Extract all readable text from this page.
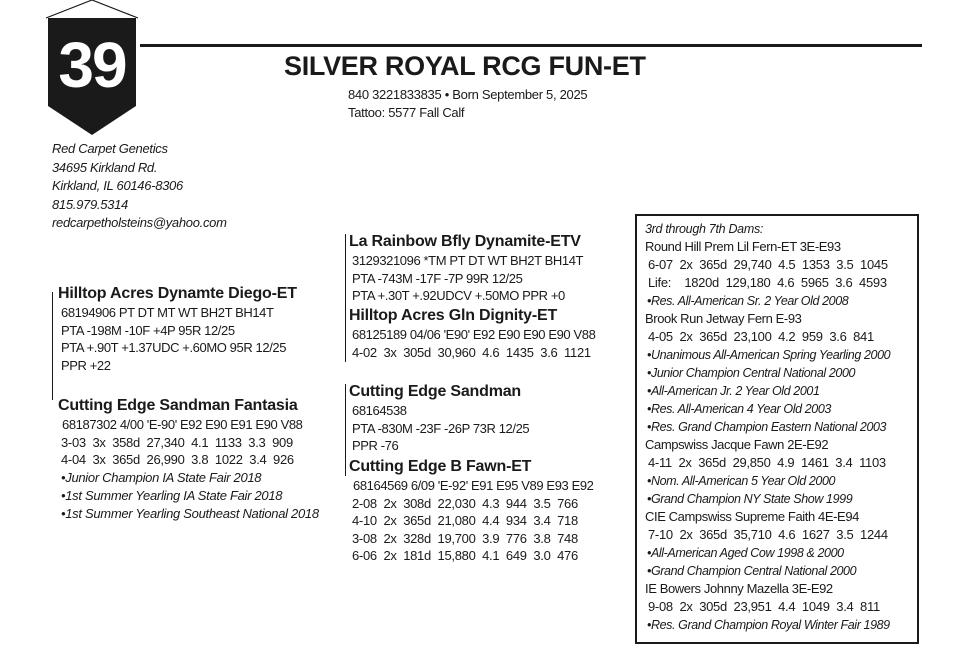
39	SILVER ROYAL RCG FUN-ET
840 3221833835 • Born September 5, 2025
Tattoo: 5577 Fall Calf
Red Carpet Genetics
34695 Kirkland Rd.
Kirkland, IL 60146-8306
815.979.5314
redcarpetholsteins@yahoo.com
Hilltop Acres Dynamte Diego-ET
68194906 PT DT MT WT BH2T BH14T
PTA -198M -10F +4P 95R 12/25
PTA +.90T +1.37UDC +.60MO 95R 12/25
PPR +22
Cutting Edge Sandman Fantasia
68187302 4/00 'E-90' E92 E90 E91 E90 V88
3-03  3x  358d  27,340  4.1  1133  3.3  909
4-04  3x  365d  26,990  3.8  1022  3.4  926
•Junior Champion IA State Fair 2018
•1st Summer Yearling IA State Fair 2018
•1st Summer Yearling Southeast National 2018
La Rainbow Bfly Dynamite-ETV
3129321096 *TM PT DT WT BH2T BH14T
PTA -743M -17F -7P 99R 12/25
PTA +.30T +.92UDCV +.50MO PPR +0
Hilltop Acres Gln Dignity-ET
68125189 04/06 'E90' E92 E90 E90 E90 V88
4-02  3x  305d  30,960  4.6  1435  3.6  1121
Cutting Edge Sandman
68164538
PTA -830M -23F -26P 73R 12/25
PPR -76
Cutting Edge B Fawn-ET
68164569 6/09 'E-92' E91 E95 V89 E93 E92
2-08  2x  308d  22,030  4.3  944  3.5  766
4-10  2x  365d  21,080  4.4  934  3.4  718
3-08  2x  328d  19,700  3.9  776  3.8  748
6-06  2x  181d  15,880  4.1  649  3.0  476
3rd through 7th Dams:
Round Hill Prem Lil Fern-ET 3E-E93
6-07  2x  365d  29,740  4.5  1353  3.5  1045
Life:    1820d  129,180  4.6  5965  3.6  4593
•Res. All-American Sr. 2 Year Old 2008
Brook Run Jetway Fern E-93
4-05  2x  365d  23,100  4.2  959  3.6  841
•Unanimous All-American Spring Yearling 2000
•Junior Champion Central National 2000
•All-American Jr. 2 Year Old 2001
•Res. All-American 4 Year Old 2003
•Res. Grand Champion Eastern National 2003
Campswiss Jacque Fawn 2E-E92
4-11  2x  365d  29,850  4.9  1461  3.4  1103
•Nom. All-American 5 Year Old 2000
•Grand Champion NY State Show 1999
CIE Campswiss Supreme Faith 4E-E94
7-10  2x  365d  35,710  4.6  1627  3.5  1244
•All-American Aged Cow 1998 & 2000
•Grand Champion Central National 2000
IE Bowers Johnny Mazella 3E-E92
9-08  2x  305d  23,951  4.4  1049  3.4  811
•Res. Grand Champion Royal Winter Fair 1989
